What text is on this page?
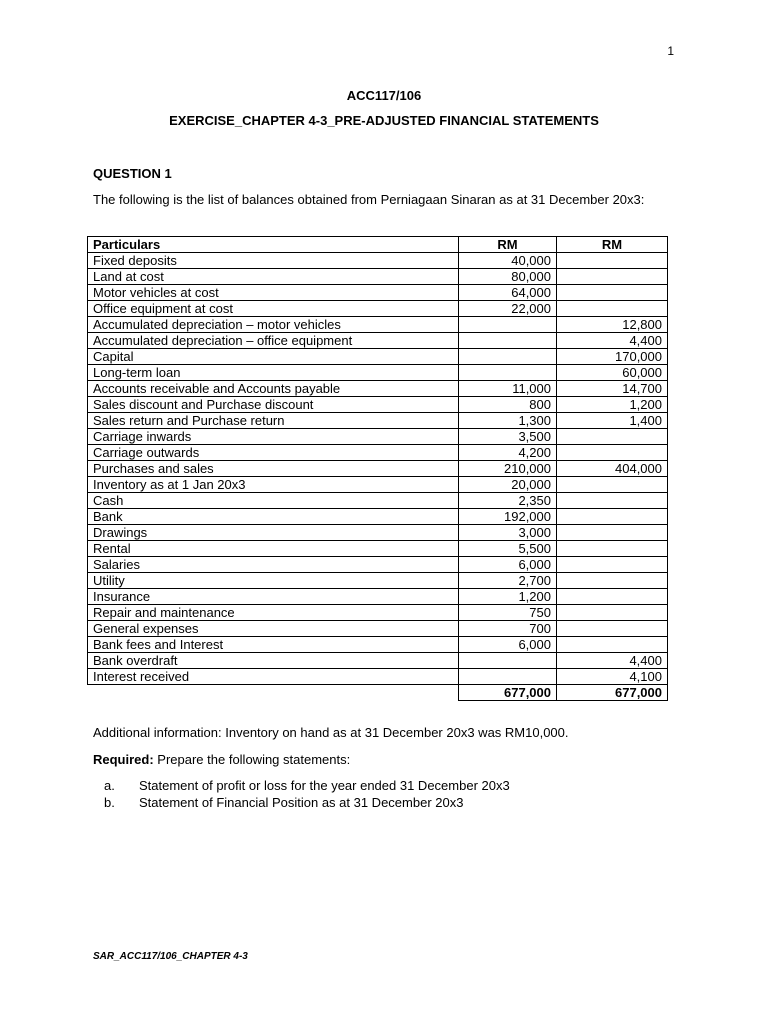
1
ACC117/106
EXERCISE_CHAPTER 4-3_PRE-ADJUSTED FINANCIAL STATEMENTS
QUESTION 1
The following is the list of balances obtained from Perniagaan Sinaran as at 31 December 20x3:
Particulars	RM	RM
Fixed deposits	40,000	
Land at cost	80,000	
Motor vehicles at cost	64,000	
Office equipment at cost	22,000	
Accumulated depreciation – motor vehicles		12,800
Accumulated depreciation – office equipment		4,400
Capital		170,000
Long-term loan		60,000
Accounts receivable and Accounts payable	11,000	14,700
Sales discount and Purchase discount	800	1,200
Sales return and Purchase return	1,300	1,400
Carriage inwards	3,500	
Carriage outwards	4,200	
Purchases and sales	210,000	404,000
Inventory as at 1 Jan 20x3	20,000	
Cash	2,350	
Bank	192,000	
Drawings	3,000	
Rental	5,500	
Salaries	6,000	
Utility	2,700	
Insurance	1,200	
Repair and maintenance	750	
General expenses	700	
Bank fees and Interest	6,000	
Bank overdraft		4,400
Interest received		4,100
	677,000	677,000
Additional information: Inventory on hand as at 31 December 20x3 was RM10,000.
Required: Prepare the following statements:
a. Statement of profit or loss for the year ended 31 December 20x3
b. Statement of Financial Position as at 31 December 20x3
SAR_ACC117/106_CHAPTER 4-3
